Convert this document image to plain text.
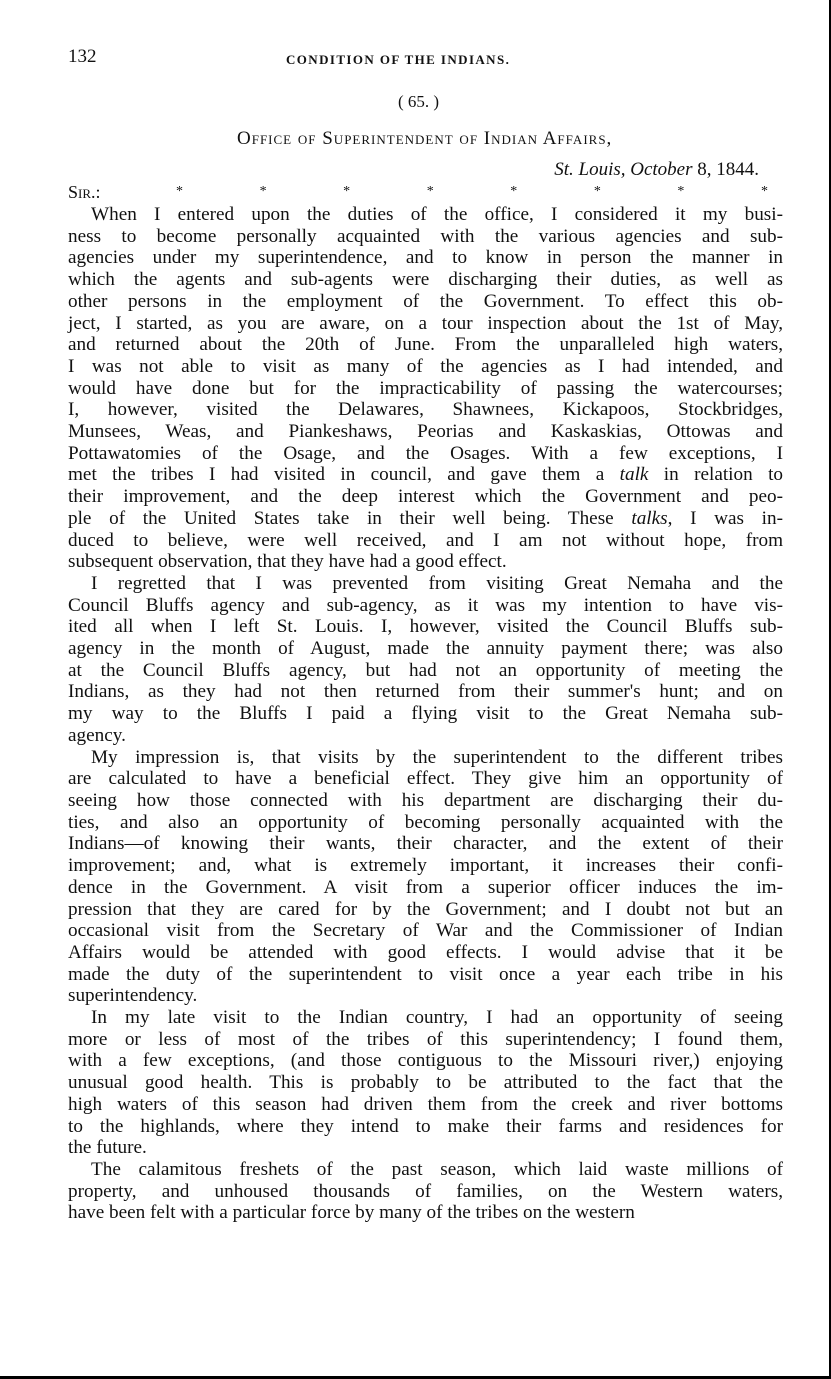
132	CONDITION OF THE INDIANS.
( 65. )
Office of Superintendent of Indian Affairs,
St. Louis, October 8, 1844.
Sir.:	*	*	*	*	*	*	*	*

When I entered upon the duties of the office, I considered it my busi-
ness to become personally acquainted with the various agencies and sub-
agencies under my superintendence, and to know in person the manner in
which the agents and sub-agents were discharging their duties, as well as
other persons in the employment of the Government. To effect this ob-
ject, I started, as you are aware, on a tour inspection about the 1st of May,
and returned about the 20th of June. From the unparalleled high waters,
I was not able to visit as many of the agencies as I had intended, and
would have done but for the impracticability of passing the watercourses;
I, however, visited the Delawares, Shawnees, Kickapoos, Stockbridges,
Munsees, Weas, and Piankeshaws, Peorias and Kaskaskias, Ottowas and
Pottawatomies of the Osage, and the Osages. With a few exceptions, I
met the tribes I had visited in council, and gave them a talk in relation to
their improvement, and the deep interest which the Government and peo-
ple of the United States take in their well being. These talks, I was in-
duced to believe, were well received, and I am not without hope, from
subsequent observation, that they have had a good effect.

I regretted that I was prevented from visiting Great Nemaha and the
Council Bluffs agency and sub-agency, as it was my intention to have vis-
ited all when I left St. Louis. I, however, visited the Council Bluffs sub-
agency in the month of August, made the annuity payment there; was also
at the Council Bluffs agency, but had not an opportunity of meeting the
Indians, as they had not then returned from their summer's hunt; and on
my way to the Bluffs I paid a flying visit to the Great Nemaha sub-
agency.

My impression is, that visits by the superintendent to the different tribes
are calculated to have a beneficial effect. They give him an opportunity of
seeing how those connected with his department are discharging their du-
ties, and also an opportunity of becoming personally acquainted with the
Indians—of knowing their wants, their character, and the extent of their
improvement; and, what is extremely important, it increases their confi-
dence in the Government. A visit from a superior officer induces the im-
pression that they are cared for by the Government; and I doubt not but an
occasional visit from the Secretary of War and the Commissioner of Indian
Affairs would be attended with good effects. I would advise that it be
made the duty of the superintendent to visit once a year each tribe in his
superintendency.

In my late visit to the Indian country, I had an opportunity of seeing
more or less of most of the tribes of this superintendency; I found them,
with a few exceptions, (and those contiguous to the Missouri river,) enjoying
unusual good health. This is probably to be attributed to the fact that the
high waters of this season had driven them from the creek and river bottoms
to the highlands, where they intend to make their farms and residences for
the future.

The calamitous freshets of the past season, which laid waste millions of
property, and unhoused thousands of families, on the Western waters,
have been felt with a particular force by many of the tribes on the western
